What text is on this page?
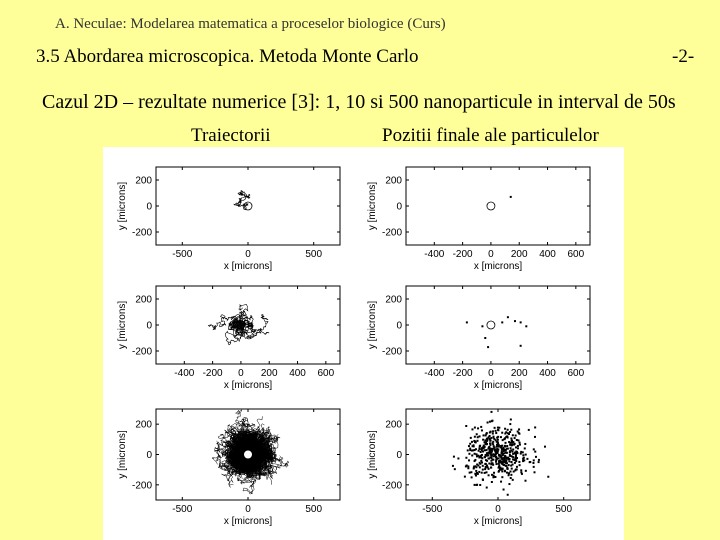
A. Neculae: Modelarea matematica a proceselor biologice (Curs)
3.5 Abordarea microscopica. Metoda Monte Carlo	-2-
Cazul 2D – rezultate numerice [3]: 1, 10 si 500 nanoparticule in interval de 50s
Traiectorii	Pozitii finale ale particulelor
-500	0	500
200
0
-200
x [microns]
y [microns]
-400 -200 0 200 400 600
200
0
-200
x [microns]
y [microns]
-400 -200 0 200 400 600
200
0
-200
x [microns]
y [microns]
-400 -200 0 200 400 600
200
0
-200
x [microns]
y [microns]
-500	0	500
200
0
-200
x [microns]
y [microns]
-500	0	500
200
0
-200
x [microns]
y [microns]
